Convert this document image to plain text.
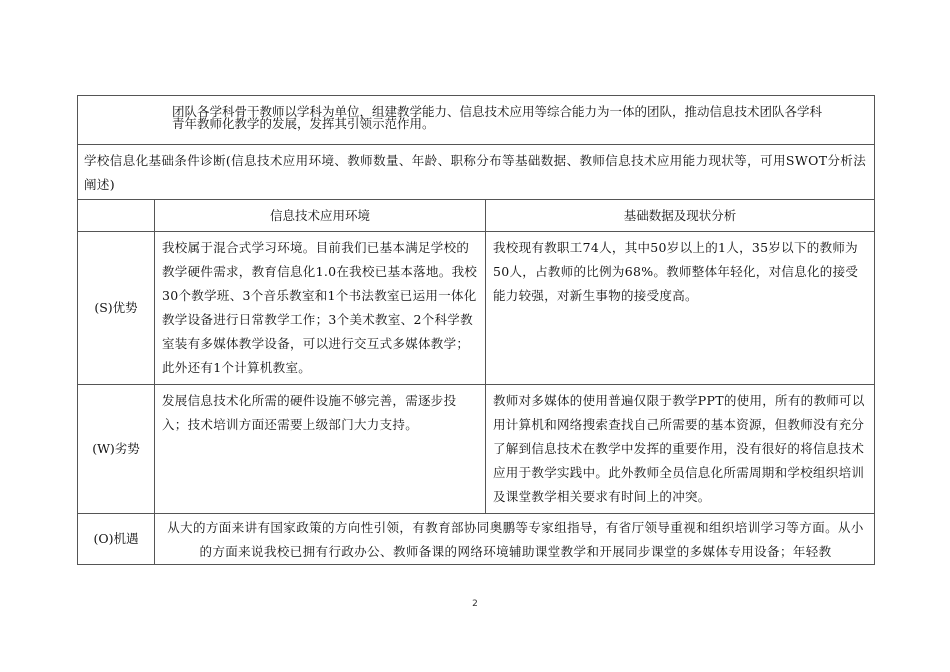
团队各学科骨干教师以学科为单位，组建教学能力、信息技术应用等综合能力为一体的团队，推动信息技术团队各学科
青年教师化教学的发展，发挥其引领示范作用。		

学校信息化基础条件诊断(信息技术应用环境、教师数量、年龄、职称分布等基础数据、教师信息技术应用能力现状等，可用SWOT分析法阐述)		
	信息技术应用环境	基础数据及现状分析
(S)优势	我校属于混合式学习环境。目前我们已基本满足学校的教学硬件需求，教育信息化1.0在我校已基本落地。我校30个教学班、3个音乐教室和1个书法教室已运用一体化教学设备进行日常教学工作；3个美术教室、2个科学教室装有多媒体教学设备，可以进行交互式多媒体教学；此外还有1个计算机教室。	我校现有教职工74人，其中50岁以上的1人，35岁以下的教师为50人，占教师的比例为68%。教师整体年轻化，对信息化的接受能力较强，对新生事物的接受度高。
(W)劣势	发展信息技术化所需的硬件设施不够完善，需逐步投入；技术培训方面还需要上级部门大力支持。	教师对多媒体的使用普遍仅限于教学PPT的使用，所有的教师可以用计算机和网络搜索查找自己所需要的基本资源，但教师没有充分了解到信息技术在教学中发挥的重要作用，没有很好的将信息技术应用于教学实践中。此外教师全员信息化所需周期和学校组织培训及课堂教学相关要求有时间上的冲突。
(O)机遇	从大的方面来讲有国家政策的方向性引领，有教育部协同奥鹏等专家组指导，有省厅领导重视和组织培训学习等方面。从小的方面来说我校已拥有行政办公、教师备课的网络环境辅助课堂教学和开展同步课堂的多媒体专用设备；年轻教	
2
